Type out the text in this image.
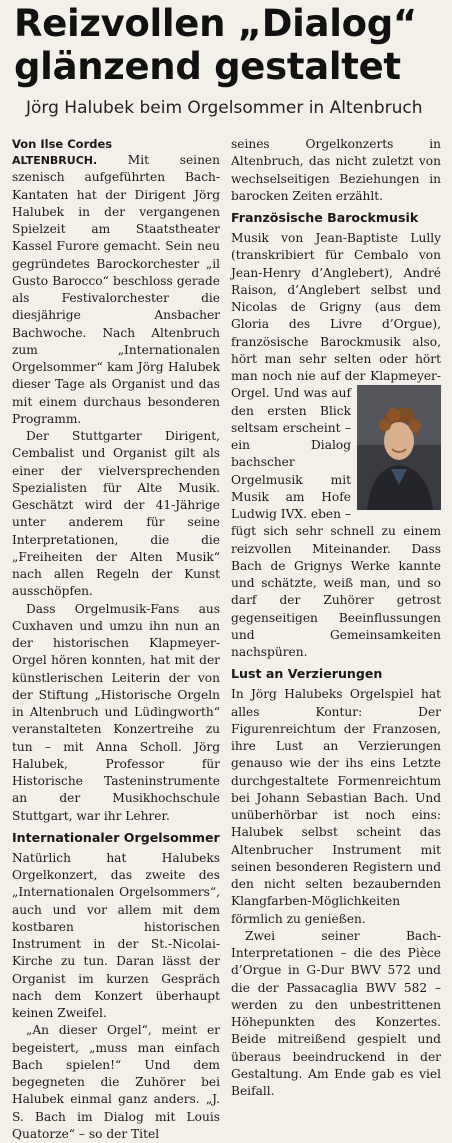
Reizvollen „Dialog“ glänzend gestaltet
Jörg Halubek beim Orgelsommer in Altenbruch
Von Ilse Cordes

ALTENBRUCH. Mit seinen szenisch aufgeführten Bach-Kantaten hat der Dirigent Jörg Halubek in der vergangenen Spielzeit am Staatstheater Kassel Furore gemacht. Sein neu gegründetes Barockorchester „il Gusto Barocco“ beschloss gerade als Festivalorchester die diesjährige Ansbacher Bachwoche. Nach Altenbruch zum „Internationalen Orgelsommer“ kam Jörg Halubek dieser Tage als Organist und das mit einem durchaus besonderen Programm.

Der Stuttgarter Dirigent, Cembalist und Organist gilt als einer der vielversprechenden Spezialisten für Alte Musik. Geschätzt wird der 41-Jährige unter anderem für seine Interpretationen, die die „Freiheiten der Alten Musik“ nach allen Regeln der Kunst ausschöpfen.

Dass Orgelmusik-Fans aus Cuxhaven und umzu ihn nun an der historischen Klapmeyer-Orgel hören konnten, hat mit der künstlerischen Leiterin der von der Stiftung „Historische Orgeln in Altenbruch und Lüdingworth“ veranstalteten Konzertreihe zu tun – mit Anna Scholl. Jörg Halubek, Professor für Historische Tasteninstrumente an der Musikhochschule Stuttgart, war ihr Lehrer.

Internationaler Orgelsommer

Natürlich hat Halubeks Orgelkonzert, das zweite des „Internationalen Orgelsommers“, auch und vor allem mit dem kostbaren historischen Instrument in der St.-Nicolai-Kirche zu tun. Daran lässt der Organist im kurzen Gespräch nach dem Konzert überhaupt keinen Zweifel.

„An dieser Orgel“, meint er begeistert, „muss man einfach Bach spielen!“ Und dem begegneten die Zuhörer bei Halubek einmal ganz anders. „J. S. Bach im Dialog mit Louis Quatorze“ – so der Titel

seines Orgelkonzerts in Altenbruch, das nicht zuletzt von wechselseitigen Beziehungen in barocken Zeiten erzählt.

Französische Barockmusik

Musik von Jean-Baptiste Lully (transkribiert für Cembalo von Jean-Henry d’Anglebert), André Raison, d’Anglebert selbst und Nicolas de Grigny (aus dem Gloria des Livre d’Orgue), französische Barockmusik also, hört man sehr selten oder hört man noch nie auf der Klapmeyer-Orgel. Und
was auf den ersten Blick seltsam erscheint – ein Dialog bachscher Orgelmusik mit Musik am Hofe Ludwig IVX. eben – fügt sich sehr schnell zu einem reizvollen Miteinander. Dass Bach de Grignys Werke kannte und schätzte, weiß man, und so darf der Zuhörer getrost gegenseitigen Beeinflussungen und Gemeinsamkeiten nachspüren.

Lust an Verzierungen

In Jörg Halubeks Orgelspiel hat alles Kontur: Der Figurenreichtum der Franzosen, ihre Lust an Verzierungen genauso wie der ihs eins Letzte durchgestaltete Formenreichtum bei Johann Sebastian Bach. Und unüberhörbar ist noch eins: Halubek selbst scheint das Altenbrucher Instrument mit seinen besonderen Registern und den nicht selten bezaubernden Klangfarben-Möglichkeiten förmlich zu genießen.

Zwei seiner Bach-Interpretationen – die des Pièce d’Orgue in G-Dur BWV 572 und die der Passacaglia BWV 582 – werden zu den unbestrittenen Höhepunkten des Konzertes. Beide mitreißend gespielt und überaus beeindruckend in der Gestaltung. Am Ende gab es viel Beifall.
